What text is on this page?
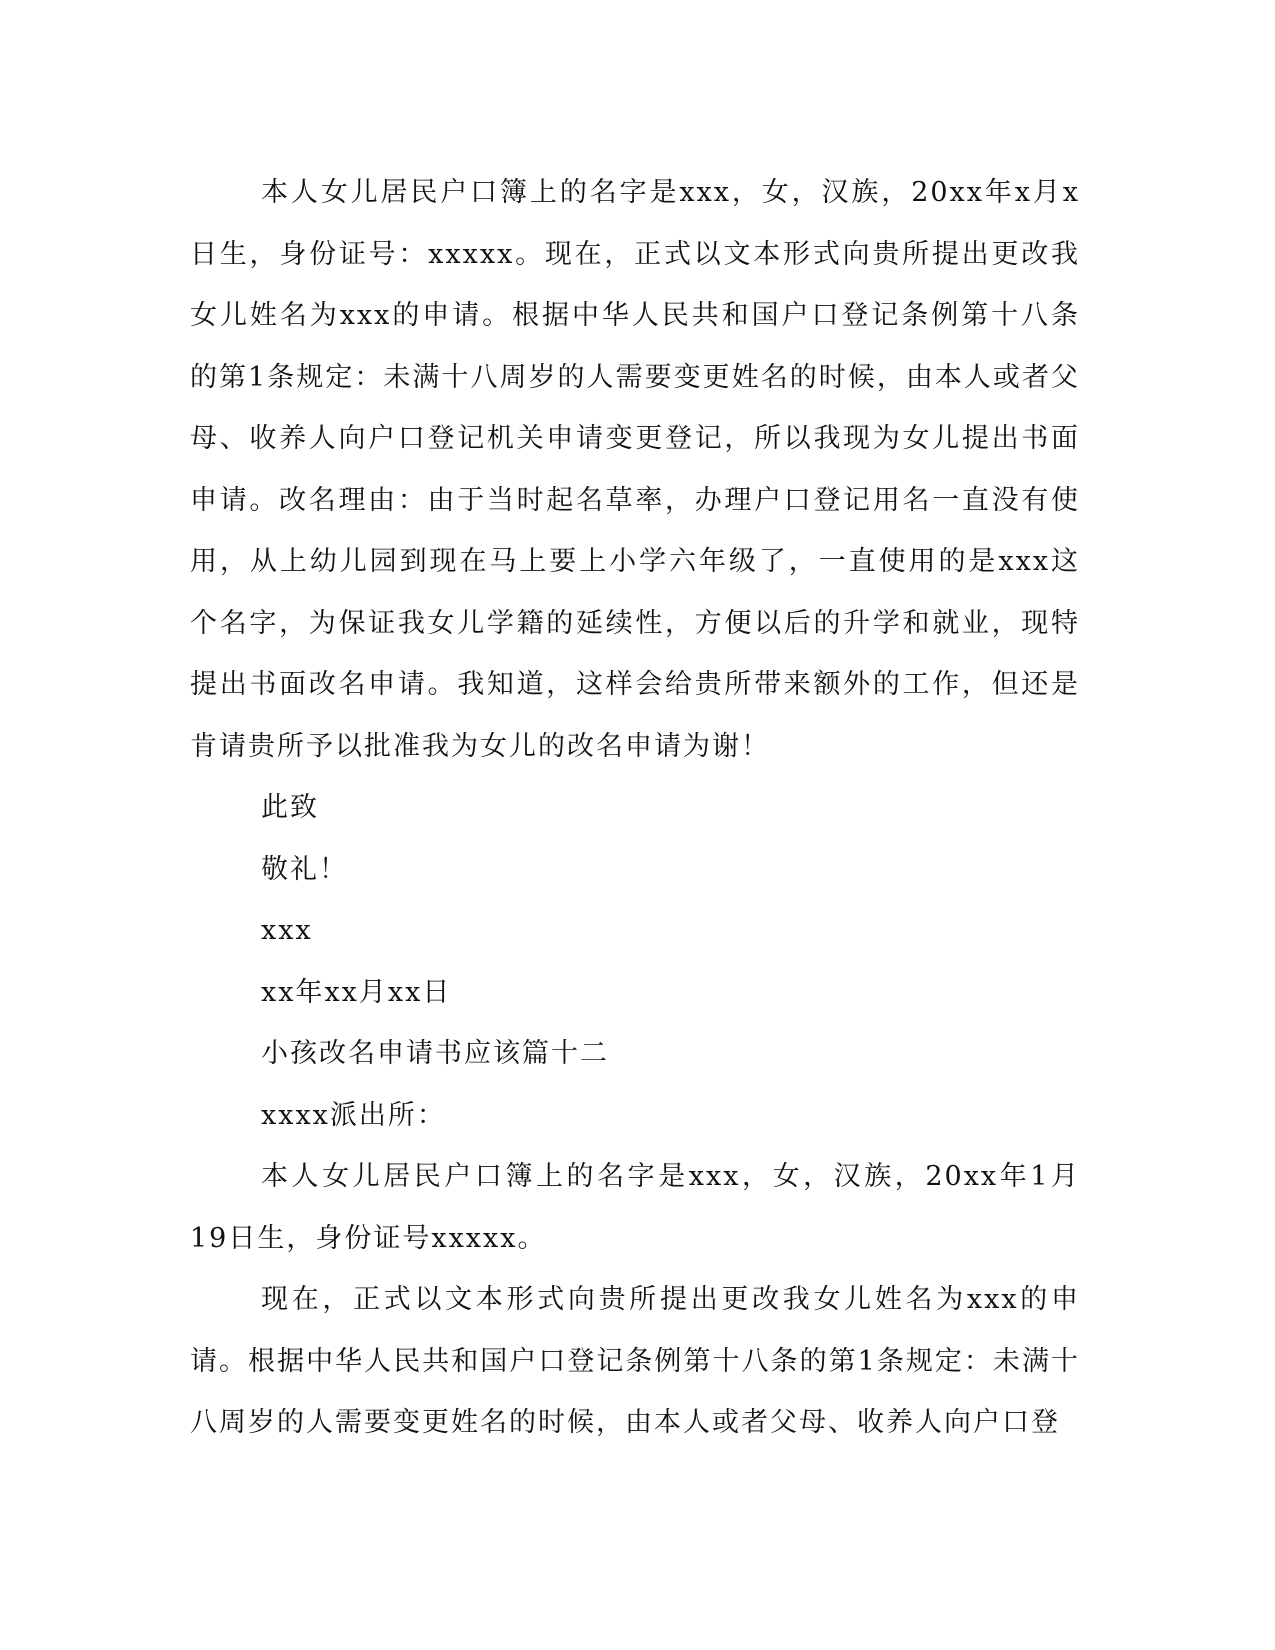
本人女儿居民户口簿上的名字是xxx，女，汉族，20xx年x月x日生，身份证号：xxxxx。现在，正式以文本形式向贵所提出更改我女儿姓名为xxx的申请。根据中华人民共和国户口登记条例第十八条的第1条规定：未满十八周岁的人需要变更姓名的时候，由本人或者父母、收养人向户口登记机关申请变更登记，所以我现为女儿提出书面申请。改名理由：由于当时起名草率，办理户口登记用名一直没有使用，从上幼儿园到现在马上要上小学六年级了，一直使用的是xxx这个名字，为保证我女儿学籍的延续性，方便以后的升学和就业，现特提出书面改名申请。我知道，这样会给贵所带来额外的工作，但还是肯请贵所予以批准我为女儿的改名申请为谢！

此致

敬礼！

xxx

xx年xx月xx日

小孩改名申请书应该篇十二

xxxx派出所：

本人女儿居民户口簿上的名字是xxx，女，汉族，20xx年1月19日生，身份证号xxxxx。

现在，正式以文本形式向贵所提出更改我女儿姓名为xxx的申请。根据中华人民共和国户口登记条例第十八条的第1条规定：未满十八周岁的人需要变更姓名的时候，由本人或者父母、收养人向户口登
